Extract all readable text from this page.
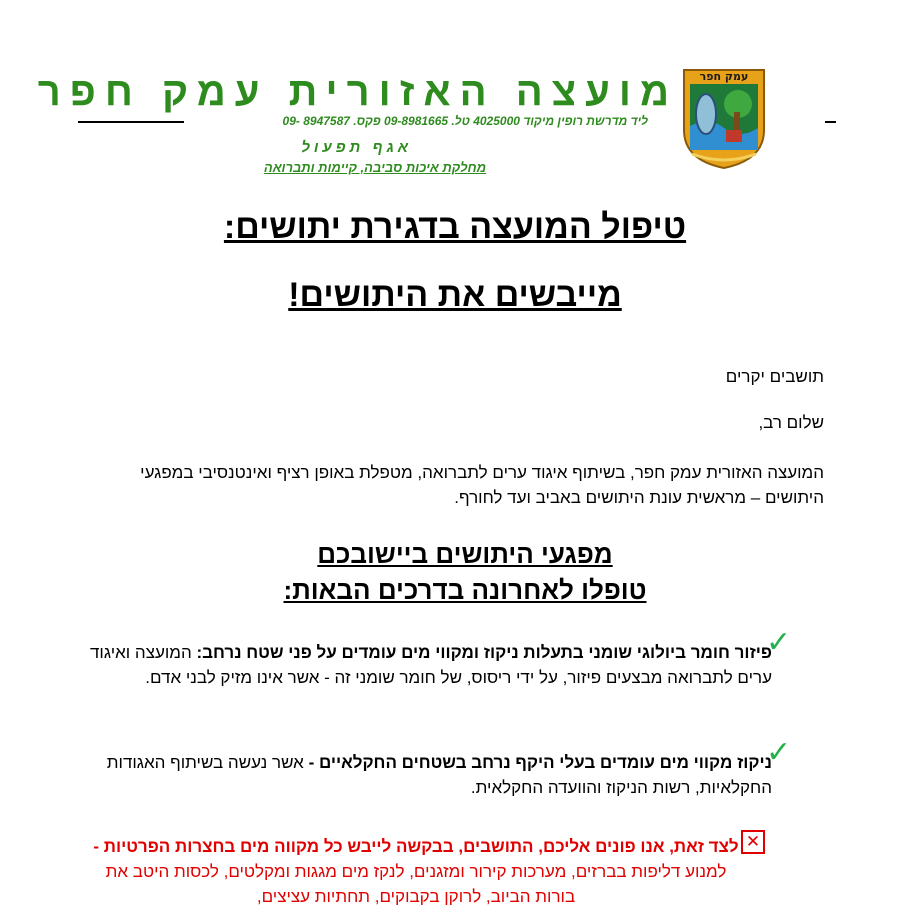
מועצה האזורית עמק חפר
ליד מדרשת רופין מיקוד 4025000 טל. 09-8981665 פקס. 8947587 -09
אגף תפעול
מחלקת איכות סביבה, קיימות ותברואה
עמק חפר
טיפול המועצה בדגירת יתושים:
מייבשים את היתושים!
תושבים יקרים
שלום רב,
המועצה האזורית עמק חפר, בשיתוף איגוד ערים לתברואה, מטפלת באופן רציף ואינטנסיבי במפגעי היתושים – מראשית עונת היתושים באביב ועד לחורף.
מפגעי היתושים ביישובכם
טופלו לאחרונה בדרכים הבאות:
✓
פיזור חומר ביולוגי שומני בתעלות ניקוז ומקווי מים עומדים על פני שטח נרחב: המועצה ואיגוד ערים לתברואה מבצעים פיזור, על ידי ריסוס, של חומר שומני זה - אשר אינו מזיק לבני אדם.
✓
ניקוז מקווי מים עומדים בעלי היקף נרחב בשטחים החקלאיים - אשר נעשה בשיתוף האגודות החקלאיות, רשות הניקוז והוועדה החקלאית.
✕
לצד זאת, אנו פונים אליכם, התושבים, בבקשה לייבש כל מקווה מים בחצרות הפרטיות - למנוע דליפות בברזים, מערכות קירור ומזגנים, לנקז מים מגגות ומקלטים, לכסות היטב את בורות הביוב, לרוקן בקבוקים, תחתיות עציצים,
